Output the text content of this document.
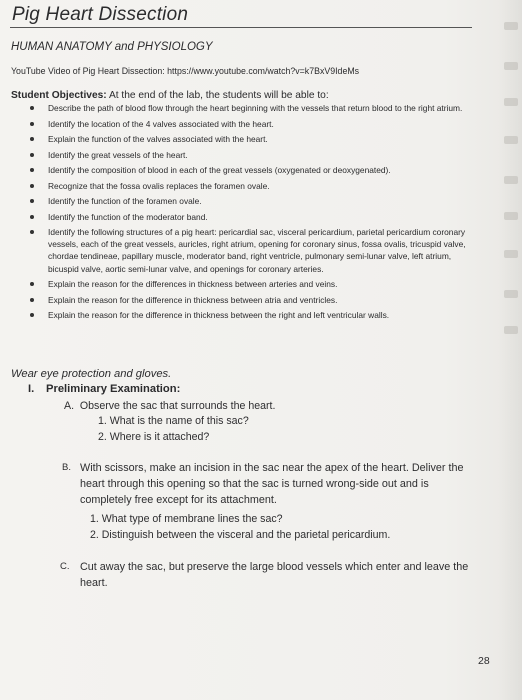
Pig Heart Dissection
HUMAN ANATOMY and PHYSIOLOGY
YouTube Video of Pig Heart Dissection: https://www.youtube.com/watch?v=k7BxV9IdeMs
Student Objectives: At the end of the lab, the students will be able to:
Describe the path of blood flow through the heart beginning with the vessels that return blood to the right atrium.
Identify the location of the 4 valves associated with the heart.
Explain the function of the valves associated with the heart.
Identify the great vessels of the heart.
Identify the composition of blood in each of the great vessels (oxygenated or deoxygenated).
Recognize that the fossa ovalis replaces the foramen ovale.
Identify the function of the foramen ovale.
Identify the function of the moderator band.
Identify the following structures of a pig heart: pericardial sac, visceral pericardium, parietal pericardium coronary vessels, each of the great vessels, auricles, right atrium, opening for coronary sinus, fossa ovalis, tricuspid valve, chordae tendineae, papillary muscle, moderator band, right ventricle, pulmonary semi-lunar valve, left atrium, bicuspid valve, aortic semi-lunar valve, and openings for coronary arteries.
Explain the reason for the differences in thickness between arteries and veins.
Explain the reason for the difference in thickness between atria and ventricles.
Explain the reason for the difference in thickness between the right and left ventricular walls.
Wear eye protection and gloves.
I. Preliminary Examination:
A. Observe the sac that surrounds the heart.
1. What is the name of this sac?
2. Where is it attached?
B. With scissors, make an incision in the sac near the apex of the heart. Deliver the heart through this opening so that the sac is turned wrong-side out and is completely free except for its attachment.
1. What type of membrane lines the sac?
2. Distinguish between the visceral and the parietal pericardium.
C. Cut away the sac, but preserve the large blood vessels which enter and leave the heart.
28
